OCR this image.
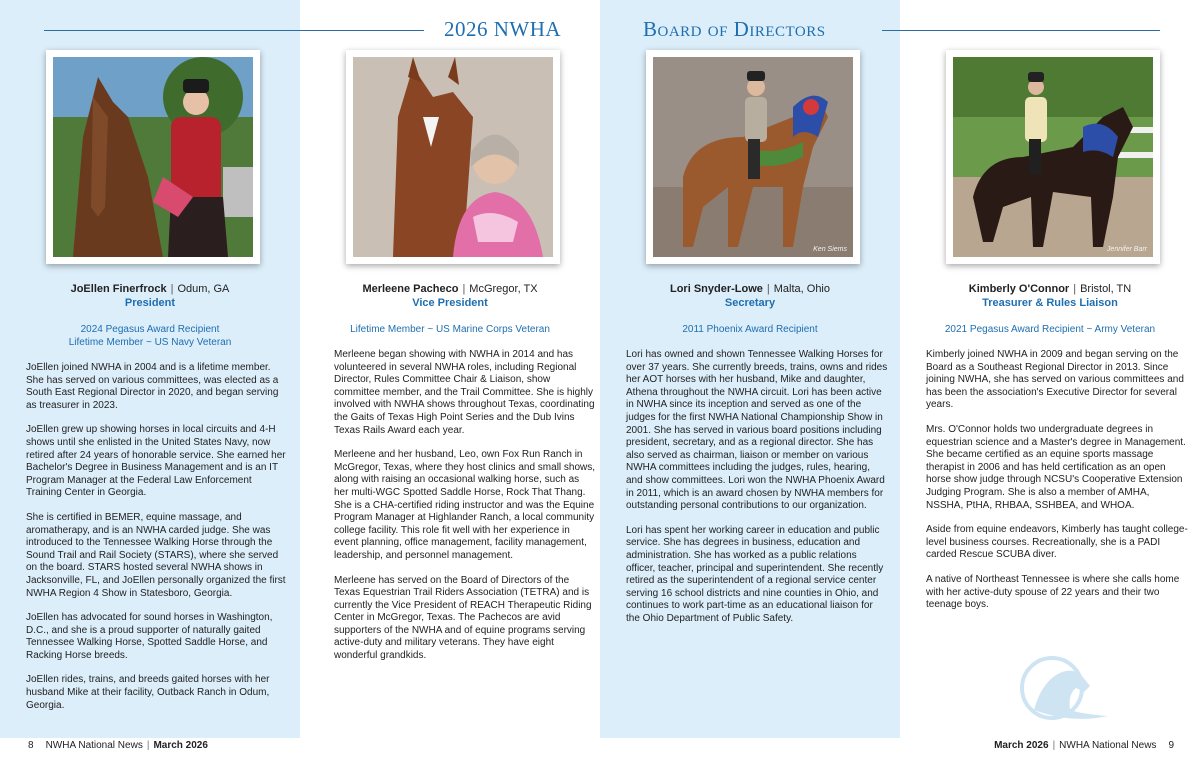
2026 NWHA	Board of Directors
JoEllen Finerfrock | Odum, GA
President
2024 Pegasus Award Recipient
Lifetime Member ~ US Navy Veteran

JoEllen joined NWHA in 2004 and is a lifetime member. She has served on various committees, was elected as a South East Regional Director in 2020, and began serving as treasurer in 2023.

JoEllen grew up showing horses in local circuits and 4-H shows until she enlisted in the United States Navy, now retired after 24 years of honorable service. She earned her Bachelor's Degree in Business Management and is an IT Program Manager at the Federal Law Enforcement Training Center in Georgia.

She is certified in BEMER, equine massage, and aromatherapy, and is an NWHA carded judge. She was introduced to the Tennessee Walking Horse through the Sound Trail and Rail Society (STARS), where she served on the board. STARS hosted several NWHA shows in Jacksonville, FL, and JoEllen personally organized the first NWHA Region 4 Show in Statesboro, Georgia.

JoEllen has advocated for sound horses in Washington, D.C., and she is a proud supporter of naturally gaited Tennessee Walking Horse, Spotted Saddle Horse, and Racking Horse breeds.

JoEllen rides, trains, and breeds gaited horses with her husband Mike at their facility, Outback Ranch in Odum, Georgia.

Merleene Pacheco | McGregor, TX
Vice President
Lifetime Member ~ US Marine Corps Veteran

Merleene began showing with NWHA in 2014 and has volunteered in several NWHA roles, including Regional Director, Rules Committee Chair & Liaison, show committee member, and the Trail Committee. She is highly involved with NWHA shows throughout Texas, coordinating the Gaits of Texas High Point Series and the Dub Ivins Texas Rails Award each year.

Merleene and her husband, Leo, own Fox Run Ranch in McGregor, Texas, where they host clinics and small shows, along with raising an occasional walking horse, such as her multi-WGC Spotted Saddle Horse, Rock That Thang. She is a CHA-certified riding instructor and was the Equine Program Manager at Highlander Ranch, a local community college facility. This role fit well with her experience in event planning, office management, facility management, leadership, and personnel management.

Merleene has served on the Board of Directors of the Texas Equestrian Trail Riders Association (TETRA) and is currently the Vice President of REACH Therapeutic Riding Center in McGregor, Texas. The Pachecos are avid supporters of the NWHA and of equine programs serving active-duty and military veterans. They have eight wonderful grandkids.

Ken Siems
Lori Snyder-Lowe | Malta, Ohio
Secretary
2011 Phoenix Award Recipient

Lori has owned and shown Tennessee Walking Horses for over 37 years. She currently breeds, trains, owns and rides her AOT horses with her husband, Mike and daughter, Athena throughout the NWHA circuit. Lori has been active in NWHA since its inception and served as one of the judges for the first NWHA National Championship Show in 2001. She has served in various board positions including president, secretary, and as a regional director. She has also served as chairman, liaison or member on various NWHA committees including the judges, rules, hearing, and show committees. Lori won the NWHA Phoenix Award in 2011, which is an award chosen by NWHA members for outstanding personal contributions to our organization.

Lori has spent her working career in education and public service. She has degrees in business, education and administration. She has worked as a public relations officer, teacher, principal and superintendent. She recently retired as the superintendent of a regional service center serving 16 school districts and nine counties in Ohio, and continues to work part-time as an educational liaison for the Ohio Department of Public Safety.

Jennifer Barr
Kimberly O'Connor | Bristol, TN
Treasurer & Rules Liaison
2021 Pegasus Award Recipient ~ Army Veteran

Kimberly joined NWHA in 2009 and began serving on the Board as a Southeast Regional Director in 2013. Since joining NWHA, she has served on various committees and has been the association's Executive Director for several years.

Mrs. O'Connor holds two undergraduate degrees in equestrian science and a Master's degree in Management. She became certified as an equine sports massage therapist in 2006 and has held certification as an open horse show judge through NCSU's Cooperative Extension Judging Program. She is also a member of AMHA, NSSHA, PtHA, RHBAA, SSHBEA, and WHOA.

Aside from equine endeavors, Kimberly has taught college-level business courses. Recreationally, she is a PADI carded Rescue SCUBA diver.

A native of Northeast Tennessee is where she calls home with her active-duty spouse of 22 years and their two teenage boys.

8 NWHA National News | March 2026	March 2026 | NWHA National News 9
